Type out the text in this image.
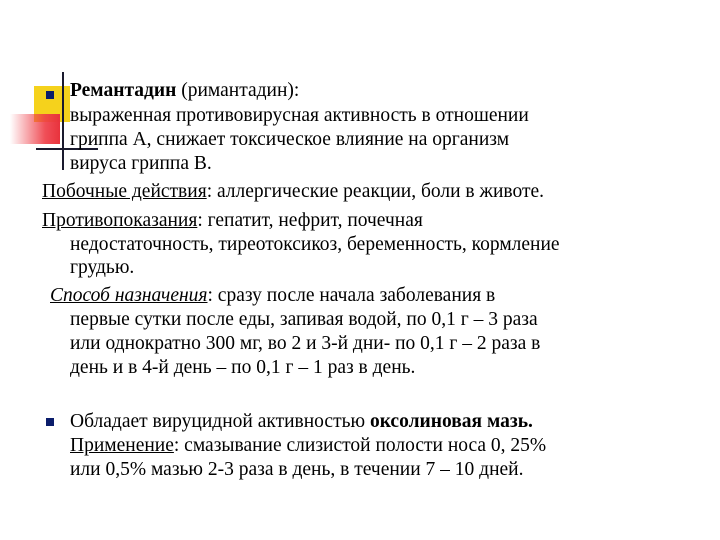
Ремантадин (римантадин):
выраженная противовирусная активность в отношении
гриппа А, снижает токсическое влияние на организм
вируса гриппа В.
Побочные действия: аллергические реакции, боли в животе.
Противопоказания: гепатит, нефрит, почечная
недостаточность, тиреотоксикоз, беременность, кормление
грудью.
Способ назначения: сразу после начала заболевания в
первые сутки после еды, запивая водой, по 0,1 г – 3 раза
или однократно 300 мг, во 2 и 3-й дни- по 0,1 г – 2 раза в
день и в 4-й день – по 0,1 г – 1 раз в день.
Обладает вируцидной активностью оксолиновая мазь.
Применение: смазывание слизистой полости носа 0, 25%
или 0,5% мазью 2-3 раза в день, в течении 7 – 10 дней.
